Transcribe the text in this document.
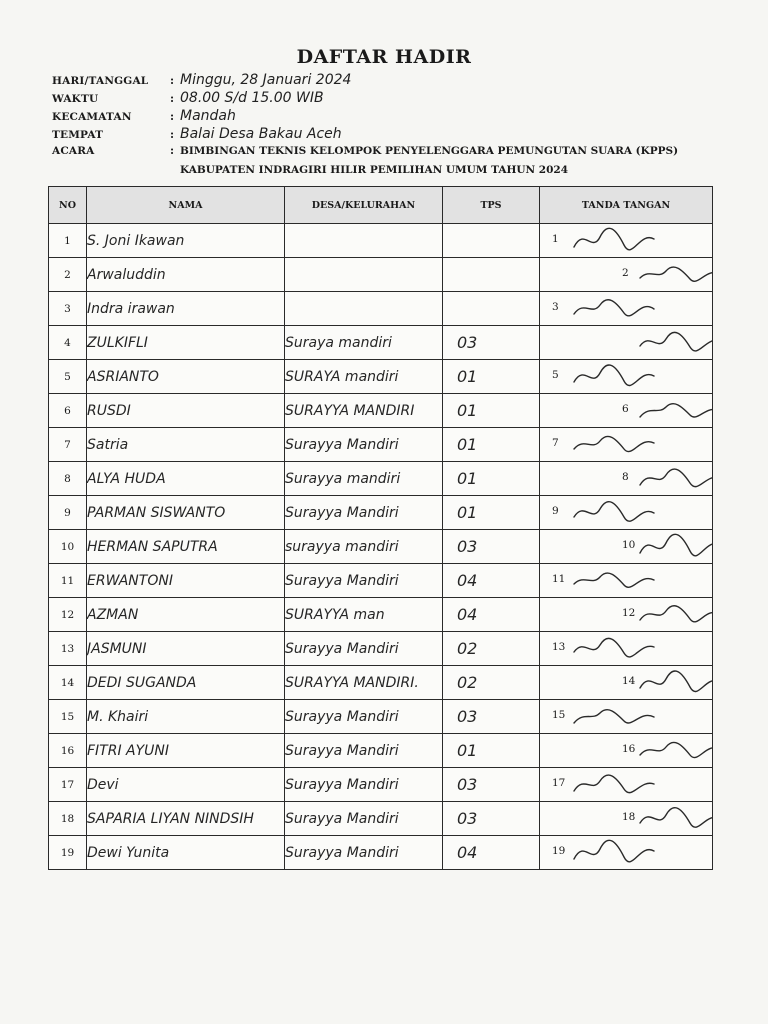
DAFTAR HADIR
HARI/TANGGAL	: Minggu, 28 Januari 2024
WAKTU	: 08.00 S/d 15.00 WIB
KECAMATAN	: Mandah
TEMPAT	: Balai Desa Bakau Aceh
ACARA	: BIMBINGAN TEKNIS KELOMPOK PENYELENGGARA PEMUNGUTAN SUARA (KPPS)
KABUPATEN INDRAGIRI HILIR PEMILIHAN UMUM TAHUN 2024
NO	NAMA	DESA/KELURAHAN	TPS	TANDA TANGAN
1	S. Joni Ikawan			1

2	Arwaluddin			2

3	Indra irawan			3

4	ZULKIFLI	Suraya mandiri	03	

5	ASRIANTO	SURAYA mandiri	01	5

6	RUSDI	SURAYYA MANDIRI	01	6

7	Satria	Surayya Mandiri	01	7

8	ALYA HUDA	Surayya mandiri	01	8

9	PARMAN SISWANTO	Surayya Mandiri	01	9

10	HERMAN SAPUTRA	surayya mandiri	03	10

11	ERWANTONI	Surayya Mandiri	04	11

12	AZMAN	SURAYYA man	04	12

13	JASMUNI	Surayya Mandiri	02	13

14	DEDI SUGANDA	SURAYYA MANDIRI.	02	14

15	M. Khairi	Surayya Mandiri	03	15

16	FITRI AYUNI	Surayya Mandiri	01	16

17	Devi	Surayya Mandiri	03	17

18	SAPARIA LIYAN NINDSIH	Surayya Mandiri	03	18

19	Dewi Yunita	Surayya Mandiri	04	19
